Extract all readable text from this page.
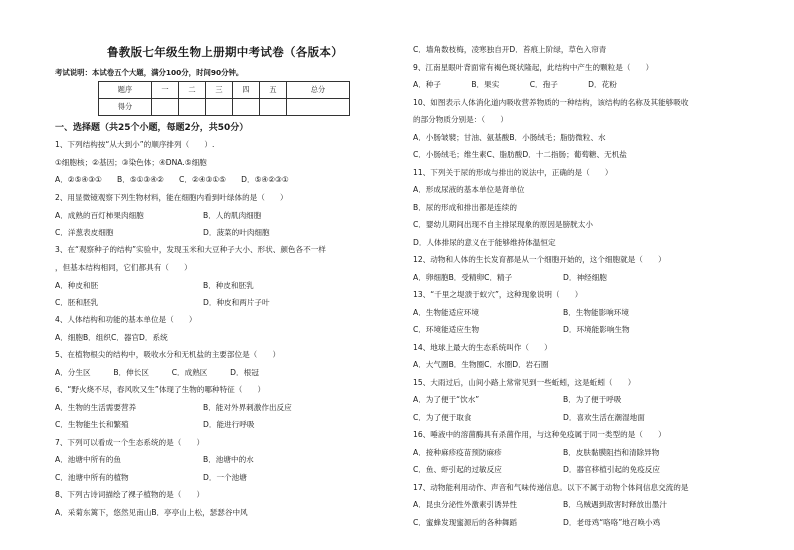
鲁教版七年级生物上册期中考试卷（各版本）
考试说明：本试卷五个大题，满分100分，时间90分钟。
题序	一	二	三	四	五	总分
得分						
一、选择题（共25个小题，每题2分，共50分）
1、下列结构按“从大到小”的顺序排列（　　）.
①细胞核；②基因；③染色体；④DNA.⑤细胞
A．②⑤④③①　　B．⑤①③④②　　C．②④③①⑤　　D．⑤④②③①
2、用显微镜观察下列生物材料，能在细胞内看到叶绿体的是（　　）
A．成熟的百灯柿果肉细胞	B．人的肌肉细胞
C．洋葱表皮细胞	D．菠菜的叶肉细胞
3、在“观察种子的结构”实验中，发现玉米和大豆种子大小、形状、颜色各不一样
，但基本结构相同，它们都具有（　　）
A．种皮和胚	B．种皮和胚乳
C．胚和胚乳	D．种皮和两片子叶
4、人体结构和功能的基本单位是（　　）
A．细胞B．组织C．器官D．系统
5、在植物根尖的结构中，吸收水分和无机盐的主要部位是（　　）
A．分生区　　　B．伸长区　　　C．成熟区　　　D．根冠
6、“野火烧不尽，春风吹又生”体现了生物的哪种特征（　　）
A．生物的生活需要营养	B．能对外界刺激作出反应
C．生物能生长和繁殖	D．能进行呼吸
7、下列可以看成一个生态系统的是（　　）
A．池塘中所有的鱼	B．池塘中的水
C．池塘中所有的植物	D．一个池塘
8、下列古诗词描绘了裸子植物的是（　　）
A．采菊东篱下，悠然见南山B．亭亭山上松，瑟瑟谷中风
C．墙角数枝梅，凌寒独自开D．苔痕上阶绿，草色入帘青
9、江南星眼叶背面常有褐色斑状隆起，此结构中产生的颗粒是（　　）
A．种子　　　　B．果实　　　　C．孢子　　　　D．花粉
10、如图表示人体消化道内吸收营养物质的一种结构，该结构的名称及其能够吸收
的部分物质分别是：（　　）
A．小肠皱襞；甘油、氨基酸B．小肠绒毛；脂肪微粒、水
C．小肠绒毛；维生素C、脂肪酸D．十二指肠；葡萄糖、无机盐
11、下列关于尿的形成与排出的说法中，正确的是（　　）
A．形成尿液的基本单位是肾单位
B．尿的形成和排出都是连续的
C．婴幼儿期间出现不自主排尿现象的原因是膀胱太小
D．人体排尿的意义在于能够维持体温恒定
12、动物和人体的生长发育都是从一个细胞开始的，这个细胞就是（　　）
A．卵细胞B．受精卵C．精子	D．神经细胞
13、“千里之堤溃于蚁穴”，这种现象说明（　　）
A．生物能适应环境	B．生物能影响环境
C．环境能适应生物	D．环境能影响生物
14、地球上最大的生态系统叫作（　　）
A．大气圈B．生物圈C．水圈D．岩石圈
15、大雨过后，山间小路上常常见到一些蚯蚓，这是蚯蚓（　　）
A．为了便于“饮水”	B．为了便于呼吸
C．为了便于取食	D．喜欢生活在潮湿地面
16、唾液中的溶菌酶具有杀菌作用，与这种免疫属于同一类型的是（　　）
A．接种麻疹疫苗预防麻疹	B．皮肤黏膜阻挡和清除异物
C．鱼、虾引起的过敏反应	D．器官移植引起的免疫反应
17、动物能利用动作、声音和气味传递信息。以下不属于动物个体间信息交流的是
A．昆虫分泌性外激素引诱异性	B．乌贼遇到敌害时释放出墨汁
C．蜜蜂发现蜜源后的各种舞蹈	D．老母鸡“咯咯”地召唤小鸡
